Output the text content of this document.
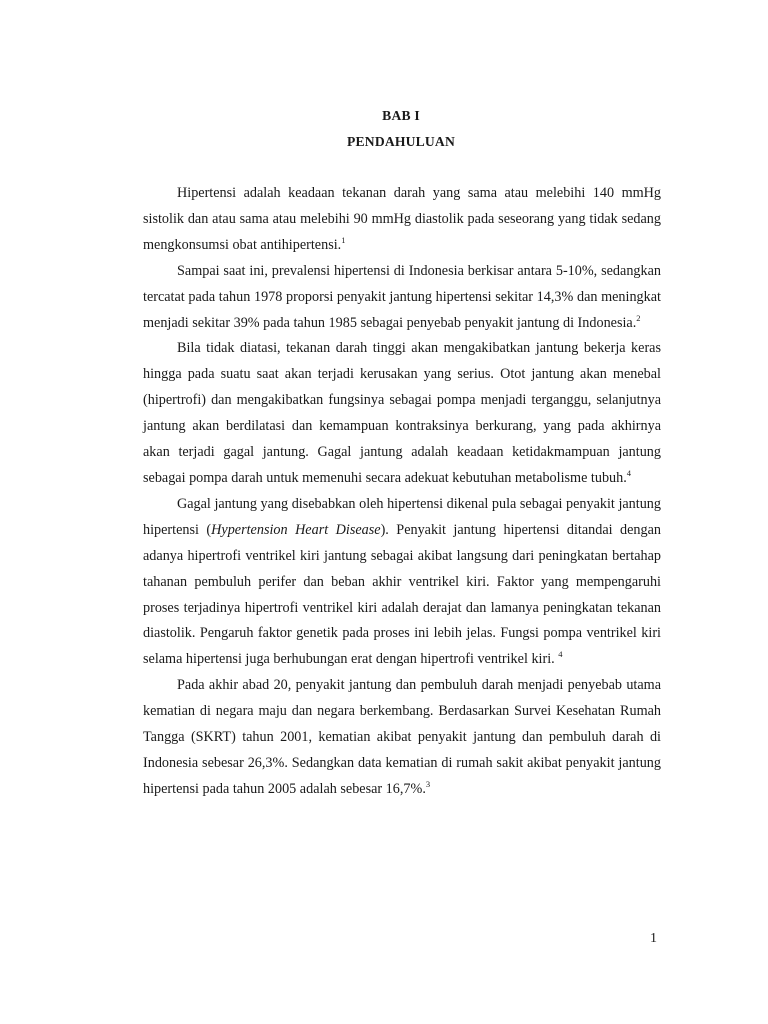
BAB I
PENDAHULUAN

Hipertensi adalah keadaan tekanan darah yang sama atau melebihi 140 mmHg sistolik dan atau sama atau melebihi 90 mmHg diastolik pada seseorang yang tidak sedang mengkonsumsi obat antihipertensi.$^1$

Sampai saat ini, prevalensi hipertensi di Indonesia berkisar antara 5-10%, sedangkan tercatat pada tahun 1978 proporsi penyakit jantung hipertensi sekitar 14,3% dan meningkat menjadi sekitar 39% pada tahun 1985 sebagai penyebab penyakit jantung di Indonesia.$^2$

Bila tidak diatasi, tekanan darah tinggi akan mengakibatkan jantung bekerja keras hingga pada suatu saat akan terjadi kerusakan yang serius. Otot jantung akan menebal (hipertrofi) dan mengakibatkan fungsinya sebagai pompa menjadi terganggu, selanjutnya jantung akan berdilatasi dan kemampuan kontraksinya berkurang, yang pada akhirnya akan terjadi gagal jantung. Gagal jantung adalah keadaan ketidakmampuan jantung sebagai pompa darah untuk memenuhi secara adekuat kebutuhan metabolisme tubuh.$^4$

Gagal jantung yang disebabkan oleh hipertensi dikenal pula sebagai penyakit jantung hipertensi (Hypertension Heart Disease). Penyakit jantung hipertensi ditandai dengan adanya hipertrofi ventrikel kiri jantung sebagai akibat langsung dari peningkatan bertahap tahanan pembuluh perifer dan beban akhir ventrikel kiri. Faktor yang mempengaruhi proses terjadinya hipertrofi ventrikel kiri adalah derajat dan lamanya peningkatan tekanan diastolik. Pengaruh faktor genetik pada proses ini lebih jelas. Fungsi pompa ventrikel kiri selama hipertensi juga berhubungan erat dengan hipertrofi ventrikel kiri. $^4$

Pada akhir abad 20, penyakit jantung dan pembuluh darah menjadi penyebab utama kematian di negara maju dan negara berkembang. Berdasarkan Survei Kesehatan Rumah Tangga (SKRT) tahun 2001, kematian akibat penyakit jantung dan pembuluh darah di Indonesia sebesar 26,3%. Sedangkan data kematian di rumah sakit akibat penyakit jantung hipertensi pada tahun 2005 adalah sebesar 16,7%.$^3$

1
